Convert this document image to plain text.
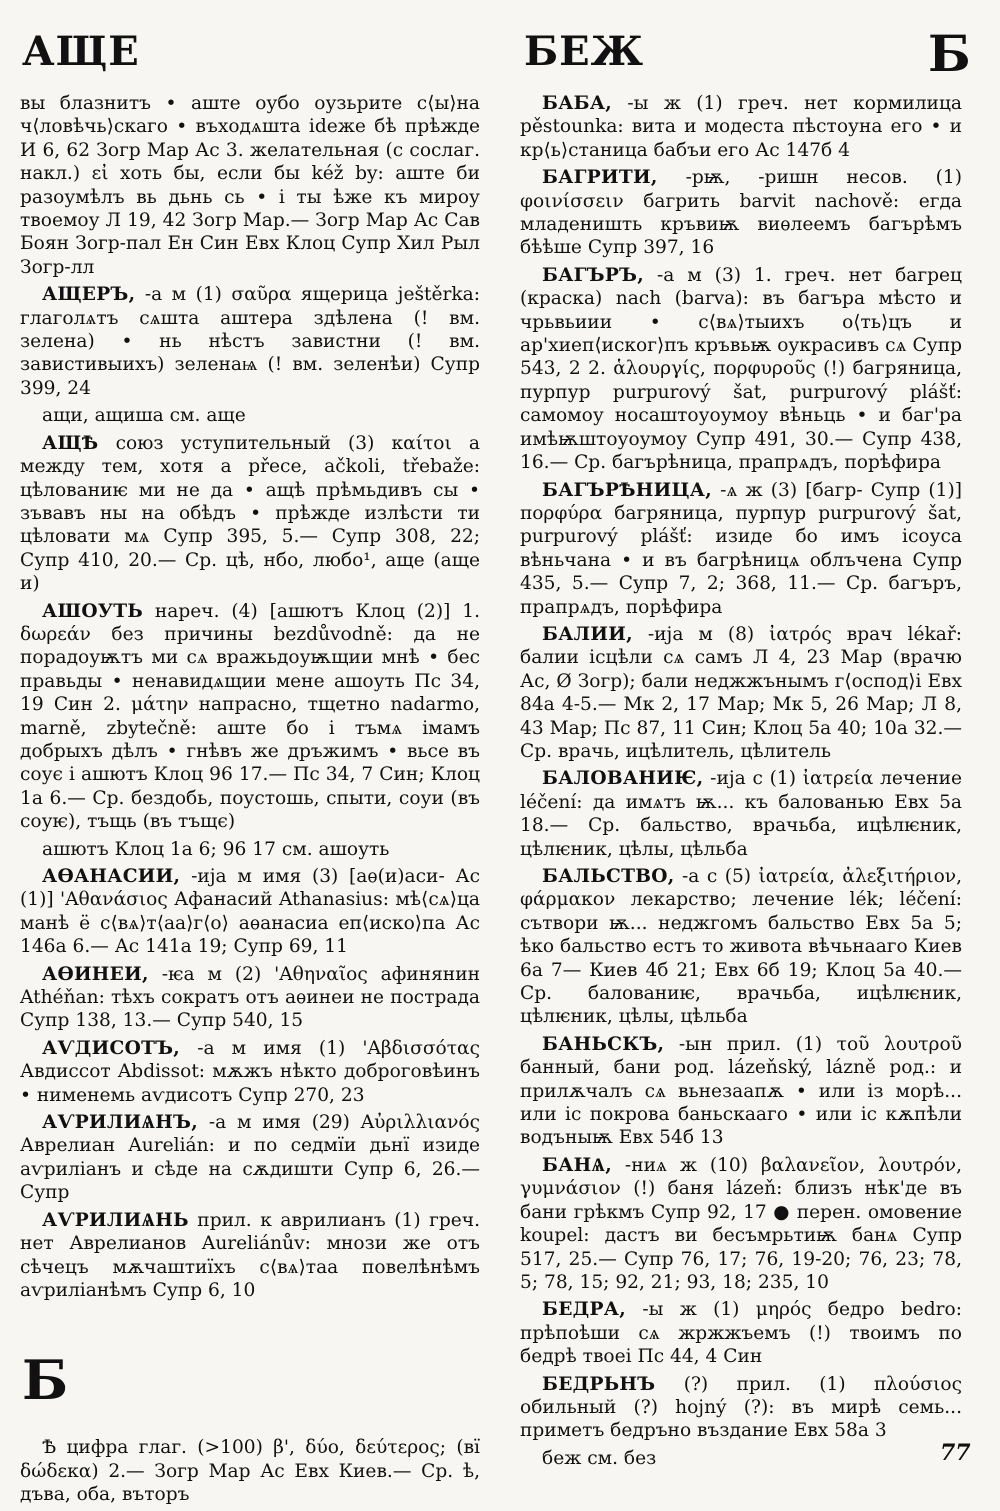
АЩЕ	БЕЖ	Б

вы блазнитъ • аште оубо оузьрите с⟨ы⟩на ч⟨ловѣчь⟩скаго • въходѧшта ideже бѣ прѣжде И 6, 62 Зогр Мар Ас 3. желательная (с сослаг. накл.) εἰ хоть бы, если бы kéž by: аште би разоумѣлъ вь дьнь сь • і ты ѣже къ мироу твоемоу Л 19, 42 Зогр Мар.— Зогр Мар Ас Сав Боян Зогр-пал Ен Син Евх Клоц Супр Хил Рыл Зогр-лл

АЩЕРЪ, -а м (1) σαῦρα ящерица ještěrka: глаголѧтъ сѧшта аштера здѣлена (! вм. зелена) • нь нѣстъ завистни (! вм. завистивыихъ) зеленаѩ (! вм. зеленѣи) Супр 399, 24

ащи, ащиша см. аще

АЩѢ союз уступительный (3) καίτοι а между тем, хотя а přece, ačkoli, třebaže: цѣлованиѥ ми не да • ащѣ прѣмьдивъ сы • зъвавъ ны на обѣдъ • прѣжде излѣсти ти цѣловати мѧ Супр 395, 5.— Супр 308, 22; Супр 410, 20.— Ср. цѣ, нбо, любо¹, аще (аще и)

АШОУТЬ нареч. (4) [ашютъ Клоц (2)] 1. δωρεάν без причины bezdůvodně: да не порадоуѭтъ ми сѧ вражьдоуѭщии мнѣ • бес правьды • ненавидѧщии мене ашоуть Пс 34, 19 Син 2. μάτην напрасно, тщетно nadarmo, marně, zbytečně: аште бо і тъмѧ імамъ добрыхъ дѣлъ • гнѣвъ же дръжимъ • вьсе въ соує і ашютъ Клоц 96 17.— Пс 34, 7 Син; Клоц 1а 6.— Ср. бездобь, поустошь, спыти, соуи (въ соуѥ), тъщь (въ тъщє)

ашютъ Клоц 1а 6; 96 17 см. ашоуть

АѲАНАСИИ, -ија м имя (3) [аѳ(и)аси- Ас (1)] 'Αθανάσιος Афанасий Athanasius: мѣ⟨сѧ⟩ца манѣ ё с⟨вѧ⟩т⟨аа⟩г⟨о⟩ аѳанасиа еп⟨иско⟩па Ас 146а 6.— Ас 141а 19; Супр 69, 11

АѲИНЕИ, -ѥа м (2) 'Αθηναῖος афинянин Athéňan: тѣхъ сократъ отъ аѳинеи не пострада Супр 138, 13.— Супр 540, 15

АѴДИСОТЪ, -а м имя (1) 'Αβδισσότας Авдиссот Abdissot: мѫжъ нѣкто доброговѣинъ • нименемь аѵдисотъ Супр 270, 23

АѴРИЛИѦНЪ, -а м имя (29) Αὐριλλιανός Аврелиан Aurelián: и по седмїи дьнї изиде аѵриліанъ и сѣде на сѫдишти Супр 6, 26.— Супр

АѴРИЛИѦНЬ прил. к аврилианъ (1) греч. нет Аврелианов Aureliánův: мнози же отъ сѣчецъ мѫчаштиїхъ с⟨вѧ⟩таа повелѣнѣмъ аѵриліанѣмъ Супр 6, 10

Б

Ѣ цифра глаг. (>100) β', δύο, δεύτερος; (вї δώδεκα) 2.— Зогр Мар Ас Евх Киев.— Ср. ѣ, дъва, оба, въторъ

БАБА, -ы ж (1) греч. нет кормилица pěstounka: вита и модеста пѣстоуна его • и кр⟨ь⟩станица бабъи его Ас 147б 4

БАГРИТИ, -рѭ, -ришн несов. (1) φοινίσσειν багрить barvit nachově: егда младеништь кръвиѭ виѳлеемъ багърѣмъ бѣѣше Супр 397, 16

БАГЪРЪ, -а м (3) 1. греч. нет багрец (краска) nach (barva): въ багъра мѣсто и чрьвьиии • с⟨вѧ⟩тыихъ о⟨ть⟩цъ и ар'хиеп⟨иског⟩пъ кръвьѭ оукрасивъ сѧ Супр 543, 2 2. ἁλουργίς, πορφυροῦς (!) багряница, пурпур purpurový šat, purpurový plášť: самомоу носаштоуоумоу вѣньць • и баг'ра имѣѭштоуоумоу Супр 491, 30.— Супр 438, 16.— Ср. багърѣница, прапрѧдъ, порѣфира

БАГЪРѢНИЦА, -ѧ ж (3) [багр- Супр (1)] πορφύρα багряница, пурпур purpurový šat, purpurový plášť: изиде бо имъ ісоуса вѣньчана • и въ багрѣницѧ облъчена Супр 435, 5.— Супр 7, 2; 368, 11.— Ср. багъръ, прапрѧдъ, порѣфира

БАЛИИ, -ија м (8) ἰατρός врач lékař: балии ісцѣли сѧ самъ Л 4, 23 Мар (врачю Ас, Ø Зогр); бали неджжънымъ г⟨оспод⟩і Евх 84а 4-5.— Мк 2, 17 Мар; Мк 5, 26 Мар; Л 8, 43 Мар; Пс 87, 11 Син; Клоц 5а 40; 10а 32.— Ср. врачь, ицѣлитель, цѣлитель

БАЛОВАНИѤ, -ија с (1) ἰατρεία лечение léčení: да имѧтъ ѭ... къ балованью Евх 5а 18.— Ср. бальство, врачьба, ицѣлѥник, цѣлѥник, цѣлы, цѣльба

БАЛЬСТВО, -а с (5) ἰατρεία, ἀλεξιτήριον, φάρμακον лекарство; лечение lék; léčení: сътвори ѭ... неджгомъ бальство Евх 5а 5; ѣко бальство естъ то живота вѣчьнааго Киев 6а 7— Киев 4б 21; Евх 6б 19; Клоц 5а 40.— Ср. балованиѥ, врачьба, ицѣлѥник, цѣлѥник, цѣлы, цѣльба

БАНЬСКЪ, -ын прил. (1) τοῦ λουτροῦ банный, бани род. lázeňský, lázně род.: и прилѫчалъ сѧ вьнезаапѫ • или із морѣ... или іс покрова баньскааго • или іс кѫпѣли водъныѭ Евх 54б 13

БАНѦ, -ниѧ ж (10) βαλανεῖον, λουτρόν, γυμνάσιον (!) баня lázeň: близъ нѣк'де въ бани грѣкмъ Супр 92, 17 ● перен. омовение koupel: дастъ ви бесъмрьтиѭ банѧ Супр 517, 25.— Супр 76, 17; 76, 19-20; 76, 23; 78, 5; 78, 15; 92, 21; 93, 18; 235, 10

БЕДРА, -ы ж (1) μηρός бедро bedro: прѣпоѣши сѧ жржжъемъ (!) твоимъ по бедрѣ твоеі Пс 44, 4 Син

БЕДРЬНЪ (?) прил. (1) πλούσιος обильный (?) hojný (?): въ мирѣ семь... приметъ бедръно въздание Евх 58а 3

беж см. без	77
